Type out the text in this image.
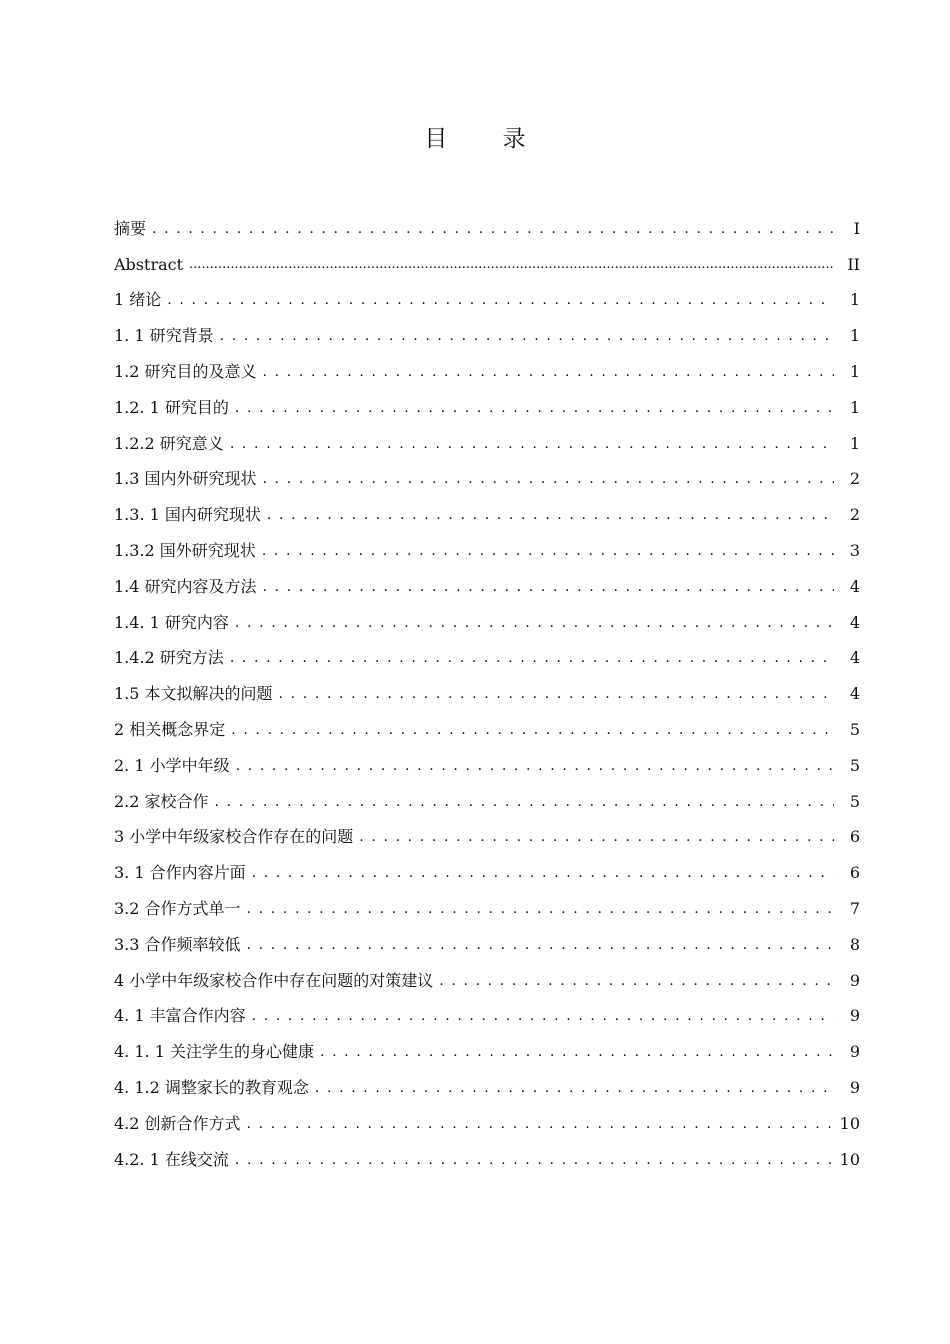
目 录
摘要 . . .	I
Abstract .....	II
1 绪论 . . .	1
1. 1 研究背景 . . .	1
1.2 研究目的及意义 . . .	1
1.2. 1 研究目的 . . .	1
1.2.2 研究意义 . . .	1
1.3 国内外研究现状 . . .	2
1.3. 1 国内研究现状 . . .	2
1.3.2 国外研究现状 . . .	3
1.4 研究内容及方法 . . .	4
1.4. 1 研究内容 . . .	4
1.4.2 研究方法 . . .	4
1.5 本文拟解决的问题 . . .	4
2 相关概念界定 . . .	5
2. 1 小学中年级 . . .	5
2.2 家校合作 . . .	5
3 小学中年级家校合作存在的问题 . . .	6
3. 1 合作内容片面 . . .	6
3.2 合作方式单一 . . .	7
3.3 合作频率较低 . . .	8
4 小学中年级家校合作中存在问题的对策建议 . . .	9
4. 1 丰富合作内容 . . .	9
4. 1. 1 关注学生的身心健康 . . .	9
4. 1.2 调整家长的教育观念 . . .	9
4.2 创新合作方式 . . .	10
4.2. 1 在线交流 . . .	10
